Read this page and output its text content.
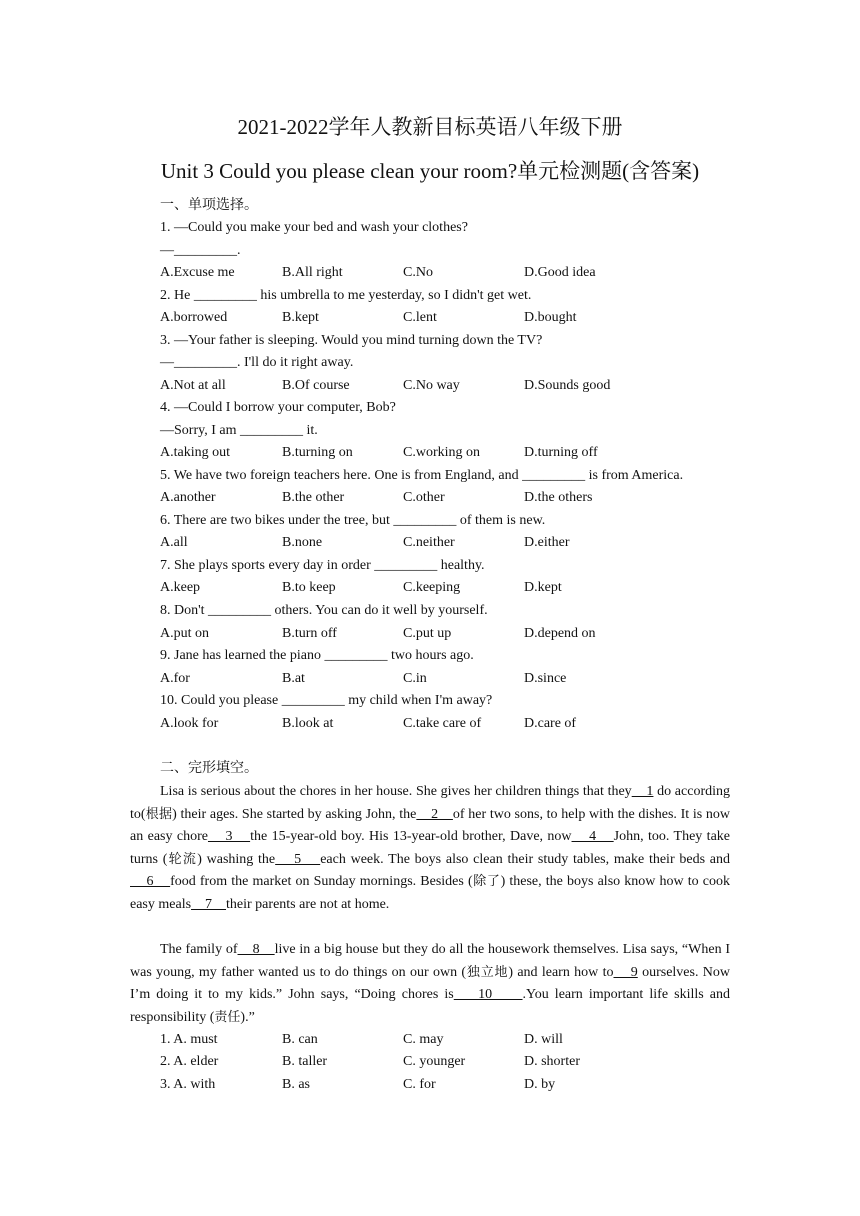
2021-2022学年人教新目标英语八年级下册
Unit 3 Could you please clean your room?单元检测题(含答案)
一、单项选择。
1. —Could you make your bed and wash your clothes?
—_________.
A.Excuse me	B.All right	C.No	D.Good idea
2. He _________ his umbrella to me yesterday, so I didn't get wet.
A.borrowed	B.kept	C.lent	D.bought
3. —Your father is sleeping. Would you mind turning down the TV?
—_________. I'll do it right away.
A.Not at all	B.Of course	C.No way	D.Sounds good
4. —Could I borrow your computer, Bob?
—Sorry, I am _________ it.
A.taking out	B.turning on	C.working on	D.turning off
5. We have two foreign teachers here. One is from England, and _________ is from America.
A.another	B.the other	C.other	D.the others
6. There are two bikes under the tree, but _________ of them is new.
A.all	B.none	C.neither	D.either
7. She plays sports every day in order _________ healthy.
A.keep	B.to keep	C.keeping	D.kept
8. Don't _________ others. You can do it well by yourself.
A.put on	B.turn off	C.put up	D.depend on
9. Jane has learned the piano _________ two hours ago.
A.for	B.at	C.in	D.since
10. Could you please _________ my child when I'm away?
A.look for	B.look at	C.take care of	D.care of
二、完形填空。
Lisa is serious about the chores in her house. She gives her children things that they    1 do according to(根据) their ages. She started by asking John, the    2    of her two sons, to help with the dishes. It is now an easy chore    3    the 15-year-old boy. His 13-year-old brother, Dave, now    4    John, too. They take turns (轮流) washing the    5    each week. The boys also clean their study tables, make their beds and    6    food from the market on Sunday mornings. Besides (除了) these, the boys also know how to cook easy meals    7    their parents are not at home.
The family of    8    live in a big house but they do all the housework themselves. Lisa says, “When I was young, my father wanted us to do things on our own (独立地) and learn how to    9 ourselves. Now I’m doing it to my kids.” John says, “Doing chores is    10     .You learn important life skills and responsibility (责任).”
1. A. must	B. can	C. may	D. will
2. A. elder	B. taller	C. younger	D. shorter
3. A. with	B. as	C. for	D. by
